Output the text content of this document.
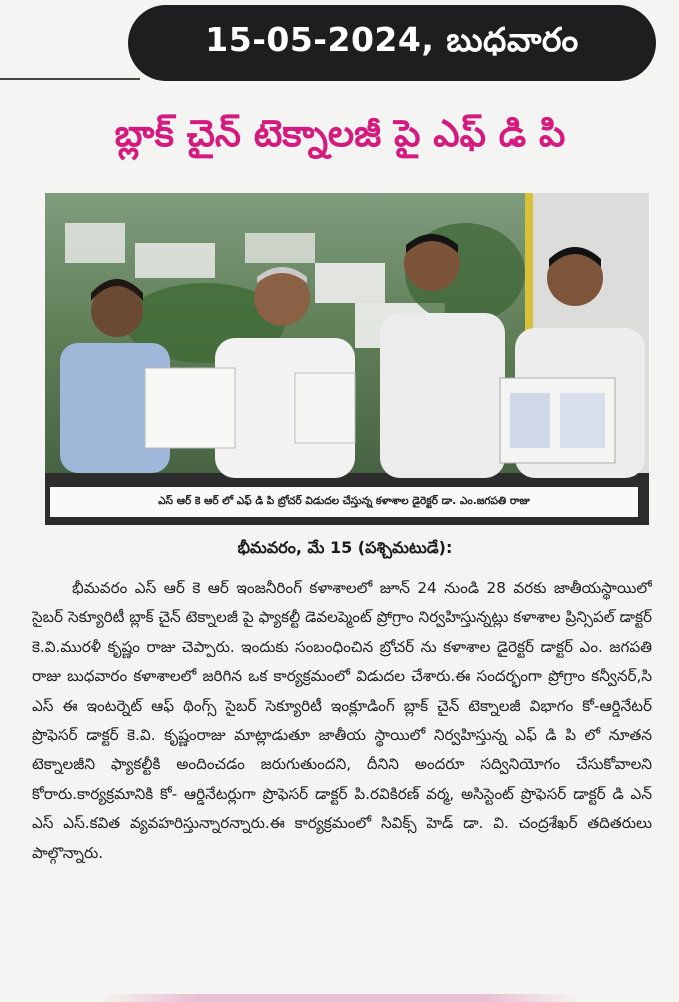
15-05-2024, బుధవారం
బ్లాక్ చైన్ టెక్నాలజీ పై ఎఫ్ డి పి
ఎస్ ఆర్ కె ఆర్ లో ఎఫ్ డి పి బ్రోచర్ విడుదల చేస్తున్న కళాశాల డైరెక్టర్ డా. ఎం.జగపతి రాజు
భీమవరం, మే 15 (పశ్చిమటుడే):
భీమవరం ఎస్ ఆర్ కె ఆర్ ఇంజనీరింగ్ కళాశాలలో జూన్ 24 నుండి 28 వరకు జాతీయస్థాయిలో సైబర్ సెక్యూరిటీ బ్లాక్ చైన్ టెక్నాలజీ పై ఫ్యాకల్టీ డెవలప్మెంట్ ప్రోగ్రాం నిర్వహిస్తున్నట్లు కళాశాల ప్రిన్సిపల్ డాక్టర్ కె.వి.మురళీ కృష్ణం రాజు చెప్పారు. ఇందుకు సంబంధించిన బ్రోచర్ ను కళాశాల డైరెక్టర్ డాక్టర్ ఎం. జగపతి రాజు బుధవారం కళాశాలలో జరిగిన ఒక కార్యక్రమంలో విడుదల చేశారు.ఈ సందర్భంగా ప్రోగ్రాం కన్వీనర్,సి ఎస్ ఈ ఇంటర్నెట్ ఆఫ్ థింగ్స్ సైబర్ సెక్యూరిటీ ఇంక్లూడింగ్ బ్లాక్ చైన్ టెక్నాలజీ విభాగం కో-ఆర్డినేటర్ ప్రొఫెసర్ డాక్టర్ కె.వి. కృష్ణంరాజు మాట్లాడుతూ జాతీయ స్థాయిలో నిర్వహిస్తున్న ఎఫ్ డి పి లో నూతన టెక్నాలజీని ఫ్యాకల్టీకి అందించడం జరుగుతుందని, దీనిని అందరూ సద్వినియోగం చేసుకోవాలని కోరారు.కార్యక్రమానికి కో- ఆర్డినేటర్లుగా ప్రొఫెసర్ డాక్టర్ పి.రవికిరణ్ వర్మ, అసిస్టెంట్ ప్రొఫెసర్ డాక్టర్ డి ఎన్ ఎస్ ఎస్.కవిత వ్యవహరిస్తున్నారన్నారు.ఈ కార్యక్రమంలో సివిక్స్ హెడ్ డా. వి. చంద్రశేఖర్ తదితరులు పాల్గొన్నారు.
